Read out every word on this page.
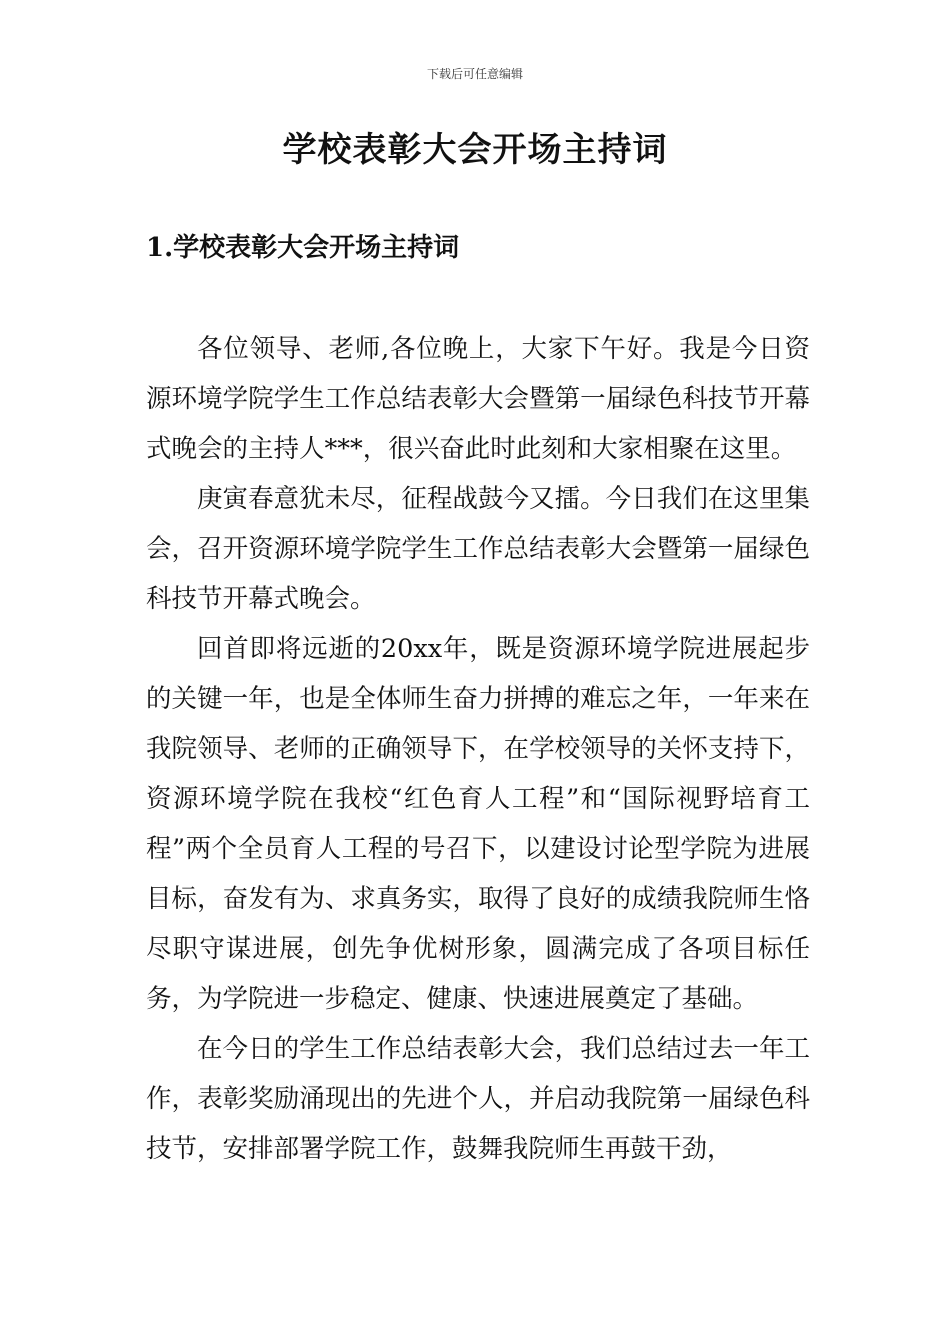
下载后可任意编辑
学校表彰大会开场主持词
1.学校表彰大会开场主持词

各位领导、老师,各位晚上，大家下午好。我是今日资源环境学院学生工作总结表彰大会暨第一届绿色科技节开幕式晚会的主持人***，很兴奋此时此刻和大家相聚在这里。

庚寅春意犹未尽，征程战鼓今又擂。今日我们在这里集会，召开资源环境学院学生工作总结表彰大会暨第一届绿色科技节开幕式晚会。

回首即将远逝的20xx年，既是资源环境学院进展起步的关键一年，也是全体师生奋力拼搏的难忘之年，一年来在我院领导、老师的正确领导下，在学校领导的关怀支持下，资源环境学院在我校“红色育人工程”和“国际视野培育工程”两个全员育人工程的号召下，以建设讨论型学院为进展目标，奋发有为、求真务实，取得了良好的成绩我院师生恪尽职守谋进展，创先争优树形象，圆满完成了各项目标任务，为学院进一步稳定、健康、快速进展奠定了基础。

在今日的学生工作总结表彰大会，我们总结过去一年工作，表彰奖励涌现出的先进个人，并启动我院第一届绿色科技节，安排部署学院工作，鼓舞我院师生再鼓干劲，
